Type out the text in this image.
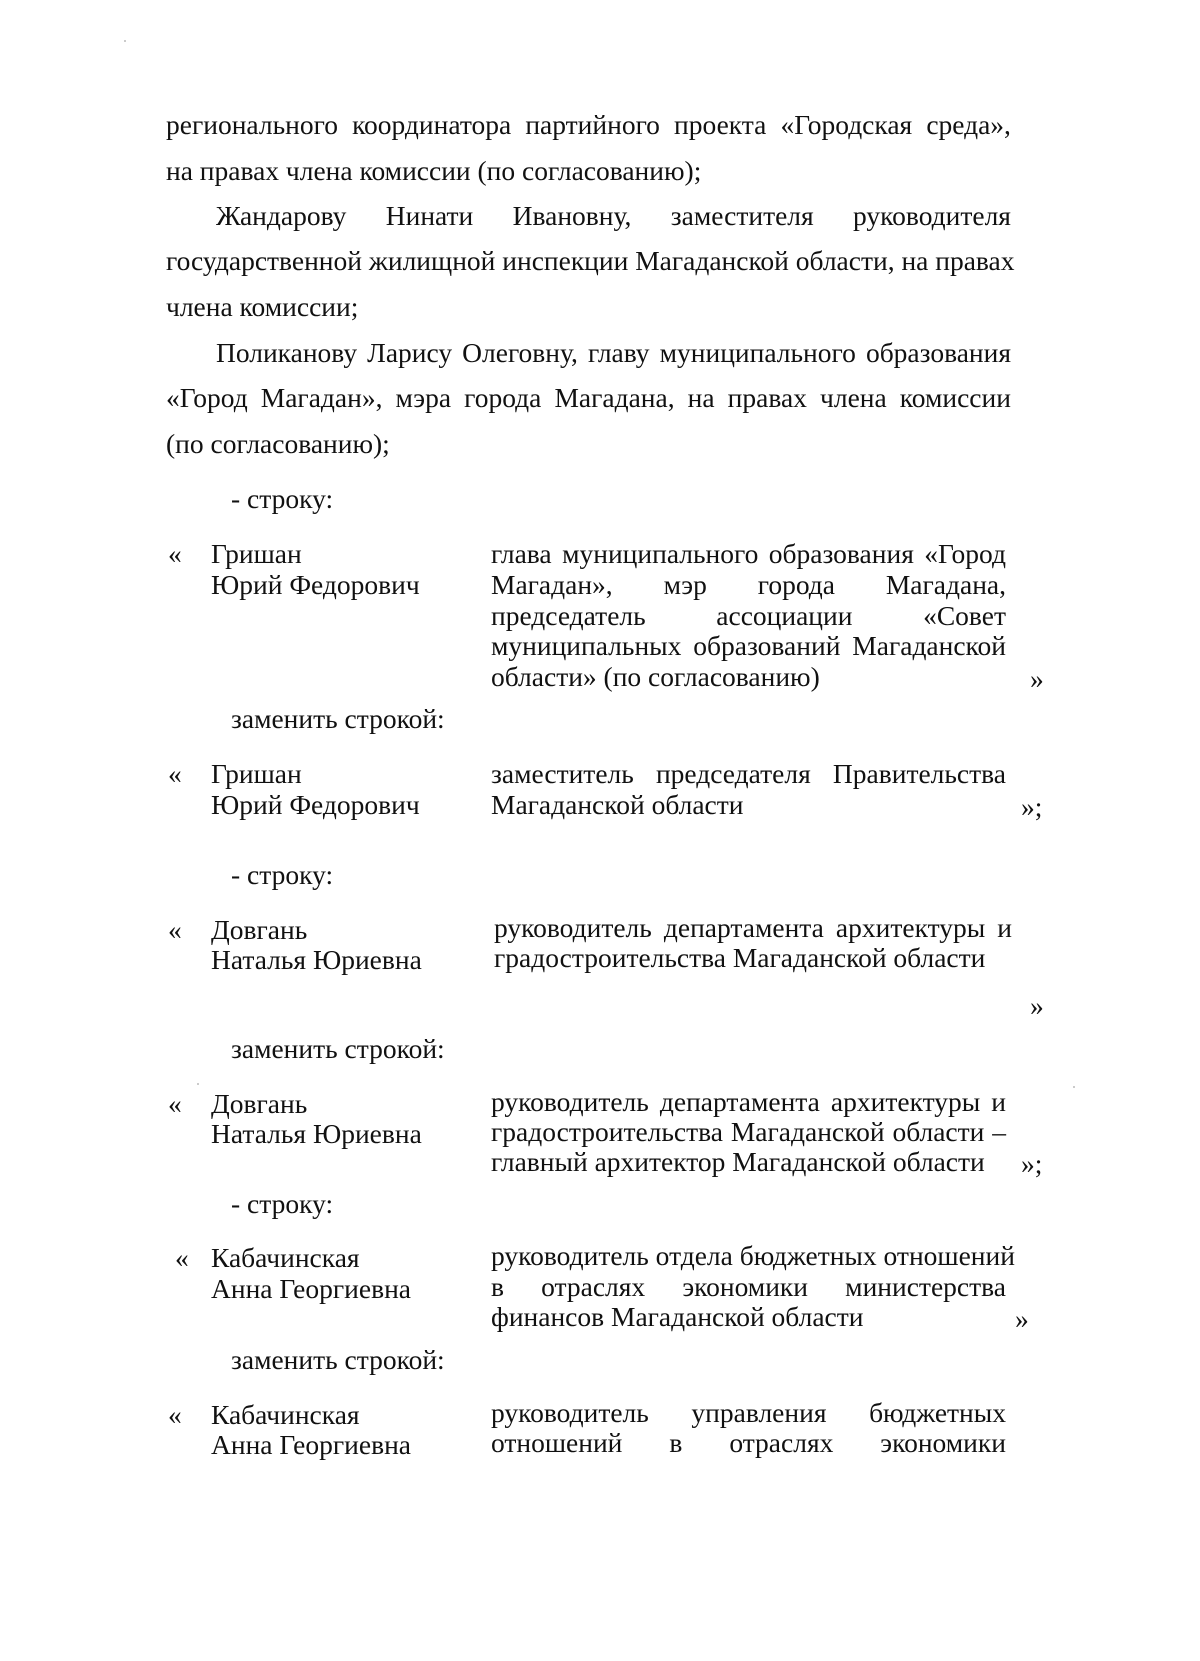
регионального координатора партийного проекта «Городская среда»,
на правах члена комиссии (по согласованию);
Жандарову Нинати Ивановну, заместителя руководителя
государственной жилищной инспекции Магаданской области, на правах
члена комиссии;
Поликанову Ларису Олеговну, главу муниципального образования
«Город Магадан», мэра города Магадана, на правах члена комиссии
(по согласованию);
- строку:
« Гришан
Юрий Федорович
глава муниципального образования «Город
Магадан», мэр города Магадана,
председатель	ассоциации	«Совет
муниципальных образований Магаданской
области» (по согласованию)	»
заменить строкой:
« Гришан
Юрий Федорович
заместитель председателя Правительства
Магаданской области	»;
- строку:
« Довгань
Наталья Юриевна
руководитель департамента архитектуры и
градостроительства Магаданской области
»
заменить строкой:
« Довгань
Наталья Юриевна
руководитель департамента архитектуры и
градостроительства Магаданской области –
главный архитектор Магаданской области »;
- строку:
« Кабачинская
Анна Георгиевна
руководитель отдела бюджетных отношений
в отраслях экономики министерства
финансов Магаданской области	»
заменить строкой:
« Кабачинская
Анна Георгиевна
руководитель управления бюджетных
отношений в отраслях экономики
